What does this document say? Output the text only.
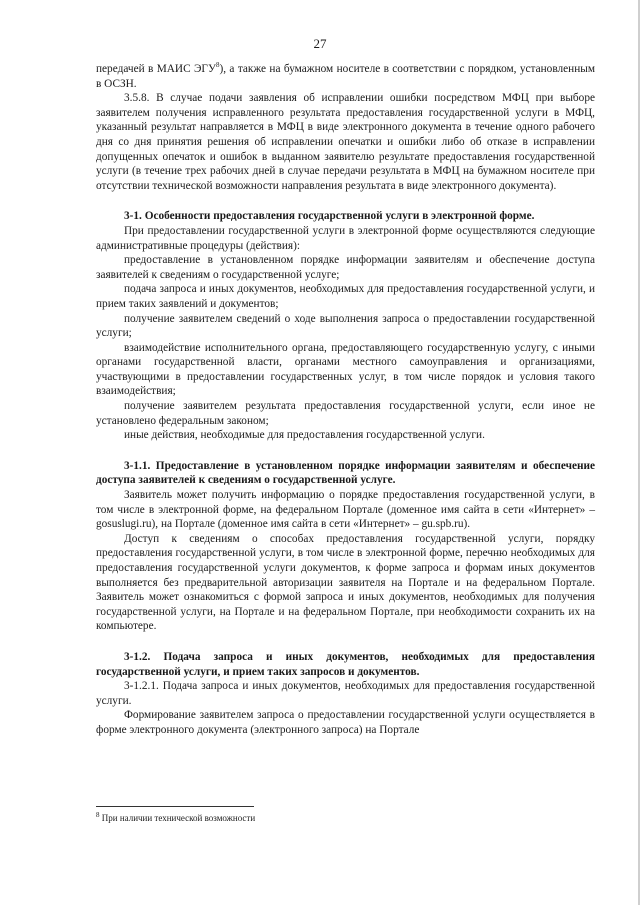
27

передачей в МАИС ЭГУ$^8$), а также на бумажном носителе в соответствии с порядком, установленным в ОСЗН.

3.5.8. В случае подачи заявления об исправлении ошибки посредством МФЦ при выборе заявителем получения исправленного результата предоставления государственной услуги в МФЦ, указанный результат направляется в МФЦ в виде электронного документа в течение одного рабочего дня со дня принятия решения об исправлении опечатки и ошибки либо об отказе в исправлении допущенных опечаток и ошибок в выданном заявителю результате предоставления государственной услуги (в течение трех рабочих дней в случае передачи результата в МФЦ на бумажном носителе при отсутствии технической возможности направления результата в виде электронного документа).

3-1. Особенности предоставления государственной услуги в электронной форме.

При предоставлении государственной услуги в электронной форме осуществляются следующие административные процедуры (действия):

предоставление в установленном порядке информации заявителям и обеспечение доступа заявителей к сведениям о государственной услуге;

подача запроса и иных документов, необходимых для предоставления государственной услуги, и прием таких заявлений и документов;

получение заявителем сведений о ходе выполнения запроса о предоставлении государственной услуги;

взаимодействие исполнительного органа, предоставляющего государственную услугу, с иными органами государственной власти, органами местного самоуправления и организациями, участвующими в предоставлении государственных услуг, в том числе порядок и условия такого взаимодействия;

получение заявителем результата предоставления государственной услуги, если иное не установлено федеральным законом;

иные действия, необходимые для предоставления государственной услуги.

3-1.1. Предоставление в установленном порядке информации заявителям и обеспечение доступа заявителей к сведениям о государственной услуге.

Заявитель может получить информацию о порядке предоставления государственной услуги, в том числе в электронной форме, на федеральном Портале (доменное имя сайта в сети «Интернет» – gosuslugi.ru), на Портале (доменное имя сайта в сети «Интернет» – gu.spb.ru).

Доступ к сведениям о способах предоставления государственной услуги, порядку предоставления государственной услуги, в том числе в электронной форме, перечню необходимых для предоставления государственной услуги документов, к форме запроса и формам иных документов выполняется без предварительной авторизации заявителя на Портале и на федеральном Портале. Заявитель может ознакомиться с формой запроса и иных документов, необходимых для получения государственной услуги, на Портале и на федеральном Портале, при необходимости сохранить их на компьютере.

3-1.2. Подача запроса и иных документов, необходимых для предоставления государственной услуги, и прием таких запросов и документов.

3-1.2.1. Подача запроса и иных документов, необходимых для предоставления государственной услуги.

Формирование заявителем запроса о предоставлении государственной услуги осуществляется в форме электронного документа (электронного запроса) на Портале

$^8$ При наличии технической возможности
